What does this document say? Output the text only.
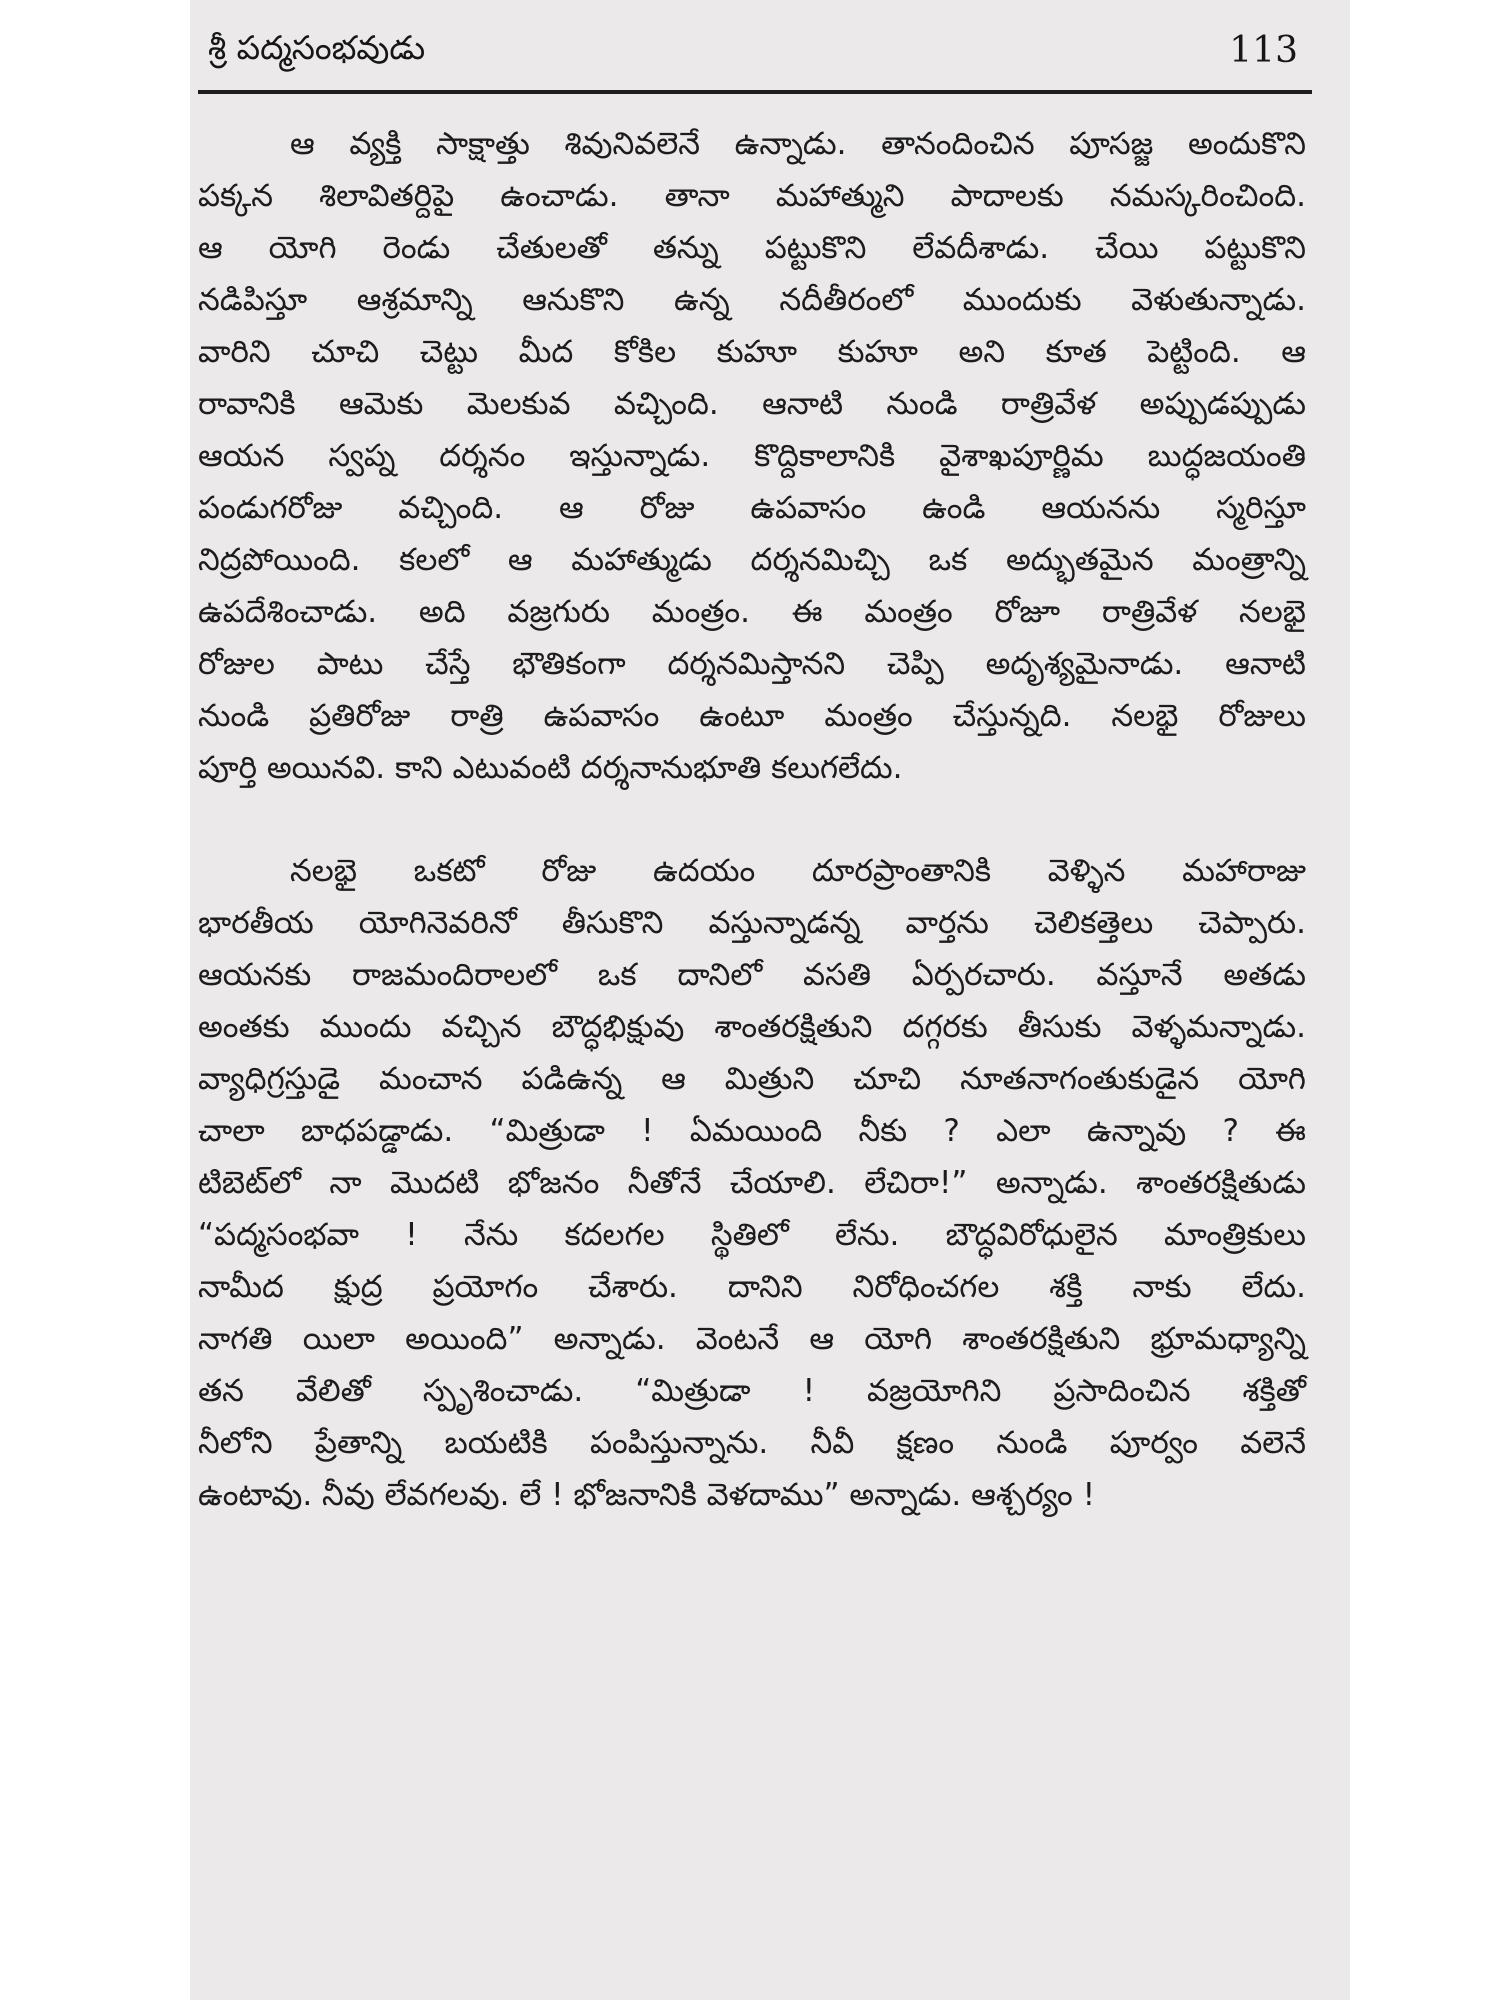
శ్రీ పద్మసంభవుడు	113
ఆ వ్యక్తి సాక్షాత్తు శివునివలెనే ఉన్నాడు. తానందించిన పూసజ్జ అందుకొని
పక్కన శిలావితర్దిపై ఉంచాడు. తానా మహాత్ముని పాదాలకు నమస్కరించింది.
ఆ యోగి రెండు చేతులతో తన్ను పట్టుకొని లేవదీశాడు. చేయి పట్టుకొని
నడిపిస్తూ ఆశ్రమాన్ని ఆనుకొని ఉన్న నదీతీరంలో ముందుకు వెళుతున్నాడు.
వారిని చూచి చెట్టు మీద కోకిల కుహూ కుహూ అని కూత పెట్టింది. ఆ
రావానికి ఆమెకు మెలకువ వచ్చింది. ఆనాటి నుండి రాత్రివేళ అప్పుడప్పుడు
ఆయన స్వప్న దర్శనం ఇస్తున్నాడు. కొద్దికాలానికి వైశాఖపూర్ణిమ బుద్ధజయంతి
పండుగరోజు వచ్చింది. ఆ రోజు ఉపవాసం ఉండి ఆయనను స్మరిస్తూ
నిద్రపోయింది. కలలో ఆ మహాత్ముడు దర్శనమిచ్చి ఒక అద్భుతమైన మంత్రాన్ని
ఉపదేశించాడు. అది వజ్రగురు మంత్రం. ఈ మంత్రం రోజూ రాత్రివేళ నలభై
రోజుల పాటు చేస్తే భౌతికంగా దర్శనమిస్తానని చెప్పి అదృశ్యమైనాడు. ఆనాటి
నుండి ప్రతిరోజు రాత్రి ఉపవాసం ఉంటూ మంత్రం చేస్తున్నది. నలభై రోజులు
పూర్తి అయినవి. కాని ఎటువంటి దర్శనానుభూతి కలుగలేదు.
నలభై ఒకటో రోజు ఉదయం దూరప్రాంతానికి వెళ్ళిన మహారాజు
భారతీయ యోగినెవరినో తీసుకొని వస్తున్నాడన్న వార్తను చెలికత్తెలు చెప్పారు.
ఆయనకు రాజమందిరాలలో ఒక దానిలో వసతి ఏర్పరచారు. వస్తూనే అతడు
అంతకు ముందు వచ్చిన బౌద్ధభిక్షువు శాంతరక్షితుని దగ్గరకు తీసుకు వెళ్ళమన్నాడు.
వ్యాధిగ్రస్తుడై మంచాన పడిఉన్న ఆ మిత్రుని చూచి నూతనాగంతుకుడైన యోగి
చాలా బాధపడ్డాడు. “మిత్రుడా ! ఏమయింది నీకు ? ఎలా ఉన్నావు ? ఈ
టిబెట్‌లో నా మొదటి భోజనం నీతోనే చేయాలి. లేచిరా!” అన్నాడు. శాంతరక్షితుడు
“పద్మసంభవా ! నేను కదలగల స్థితిలో లేను. బౌద్ధవిరోధులైన మాంత్రికులు
నామీద క్షుద్ర ప్రయోగం చేశారు. దానిని నిరోధించగల శక్తి నాకు లేదు.
నాగతి యిలా అయింది” అన్నాడు. వెంటనే ఆ యోగి శాంతరక్షితుని భ్రూమధ్యాన్ని
తన వేలితో స్పృశించాడు. “మిత్రుడా ! వజ్రయోగిని ప్రసాదించిన శక్తితో
నీలోని ప్రేతాన్ని బయటికి పంపిస్తున్నాను. నీవీ క్షణం నుండి పూర్వం వలెనే
ఉంటావు. నీవు లేవగలవు. లే ! భోజనానికి వెళదాము” అన్నాడు. ఆశ్చర్యం !
